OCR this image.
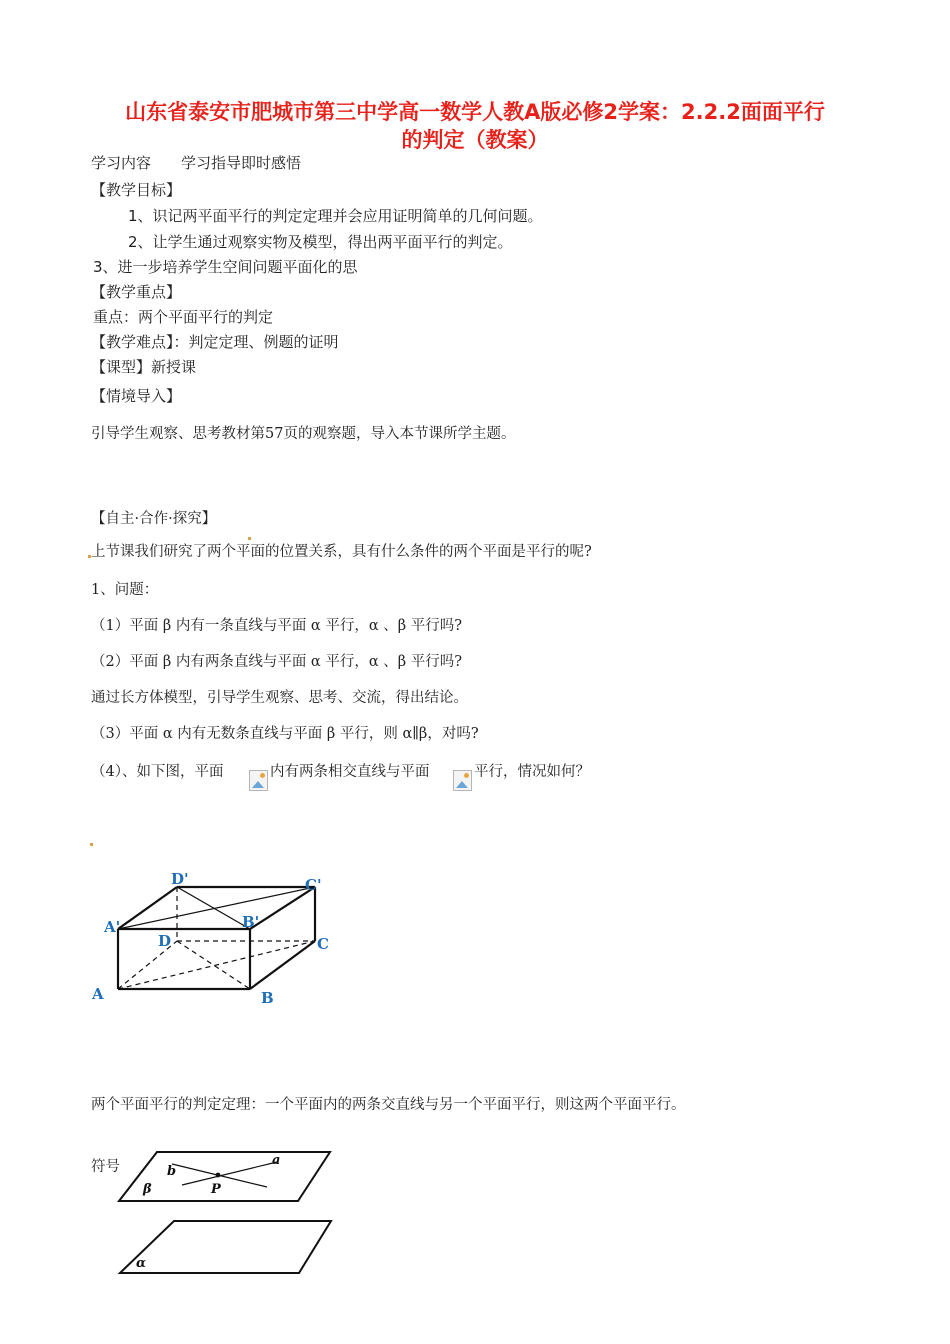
山东省泰安市肥城市第三中学高一数学人教A版必修2学案：2.2.2面面平行
的判定（教案）
学习内容　　学习指导即时感悟
【教学目标】
1、识记两平面平行的判定定理并会应用证明简单的几何问题。
2、让学生通过观察实物及模型，得出两平面平行的判定。
3、进一步培养学生空间问题平面化的思
【教学重点】
重点：两个平面平行的判定
【教学难点】：判定定理、例题的证明
【课型】新授课
【情境导入】
引导学生观察、思考教材第57页的观察题，导入本节课所学主题。
【自主·合作·探究】
上节课我们研究了两个平面的位置关系，具有什么条件的两个平面是平行的呢?
1、问题：
（1）平面 β 内有一条直线与平面 α 平行，α 、β 平行吗?
（2）平面 β 内有两条直线与平面 α 平行，α 、β 平行吗?
通过长方体模型，引导学生观察、思考、交流，得出结论。
（3）平面 α 内有无数条直线与平面 β 平行，则 α∥β，对吗?
（4）、如下图，平面	内有两条相交直线与平面	平行，情况如何？
D'	C'
A'	B'
D	C
A	B
两个平面平行的判定定理：一个平面内的两条交直线与另一个平面平行，则这两个平面平行。
符号	b
a
β	P
α
